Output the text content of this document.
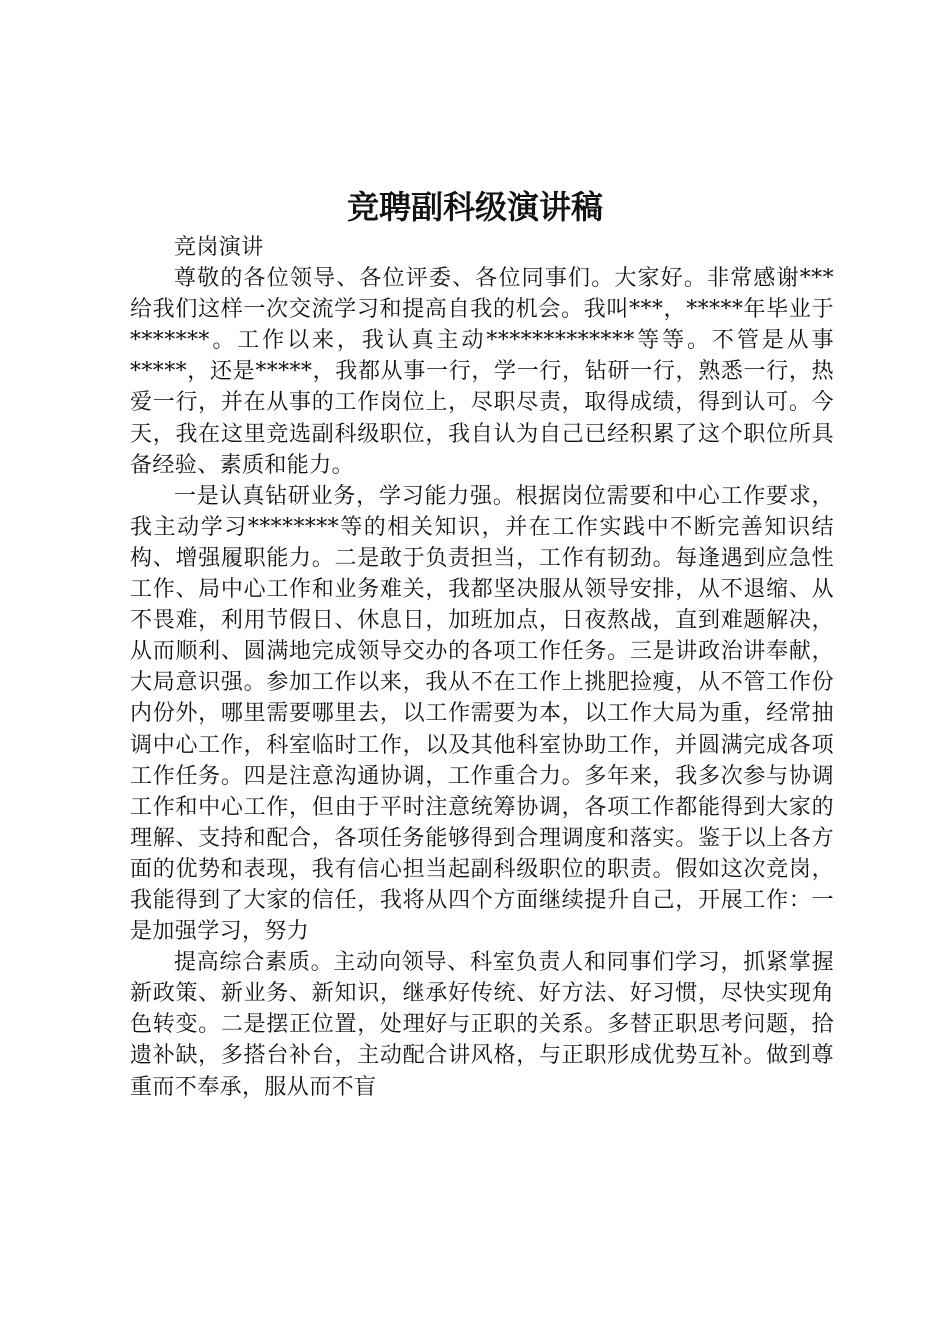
竞聘副科级演讲稿

竞岗演讲

尊敬的各位领导、各位评委、各位同事们。大家好。非常感谢***给我们这样一次交流学习和提高自我的机会。我叫***，*****年毕业于*******。工作以来，我认真主动*************等等。不管是从事*****，还是*****，我都从事一行，学一行，钻研一行，熟悉一行，热爱一行，并在从事的工作岗位上，尽职尽责，取得成绩，得到认可。今天，我在这里竞选副科级职位，我自认为自己已经积累了这个职位所具备经验、素质和能力。

一是认真钻研业务，学习能力强。根据岗位需要和中心工作要求，我主动学习********等的相关知识，并在工作实践中不断完善知识结构、增强履职能力。二是敢于负责担当，工作有韧劲。每逢遇到应急性工作、局中心工作和业务难关，我都坚决服从领导安排，从不退缩、从不畏难，利用节假日、休息日，加班加点，日夜熬战，直到难题解决，从而顺利、圆满地完成领导交办的各项工作任务。三是讲政治讲奉献，大局意识强。参加工作以来，我从不在工作上挑肥捡瘦，从不管工作份内份外，哪里需要哪里去，以工作需要为本，以工作大局为重，经常抽调中心工作，科室临时工作，以及其他科室协助工作，并圆满完成各项工作任务。四是注意沟通协调，工作重合力。多年来，我多次参与协调工作和中心工作，但由于平时注意统筹协调，各项工作都能得到大家的理解、支持和配合，各项任务能够得到合理调度和落实。鉴于以上各方面的优势和表现，我有信心担当起副科级职位的职责。假如这次竞岗，我能得到了大家的信任，我将从四个方面继续提升自己，开展工作：一是加强学习，努力

提高综合素质。主动向领导、科室负责人和同事们学习，抓紧掌握新政策、新业务、新知识，继承好传统、好方法、好习惯，尽快实现角色转变。二是摆正位置，处理好与正职的关系。多替正职思考问题，拾遗补缺，多搭台补台，主动配合讲风格，与正职形成优势互补。做到尊重而不奉承，服从而不盲
